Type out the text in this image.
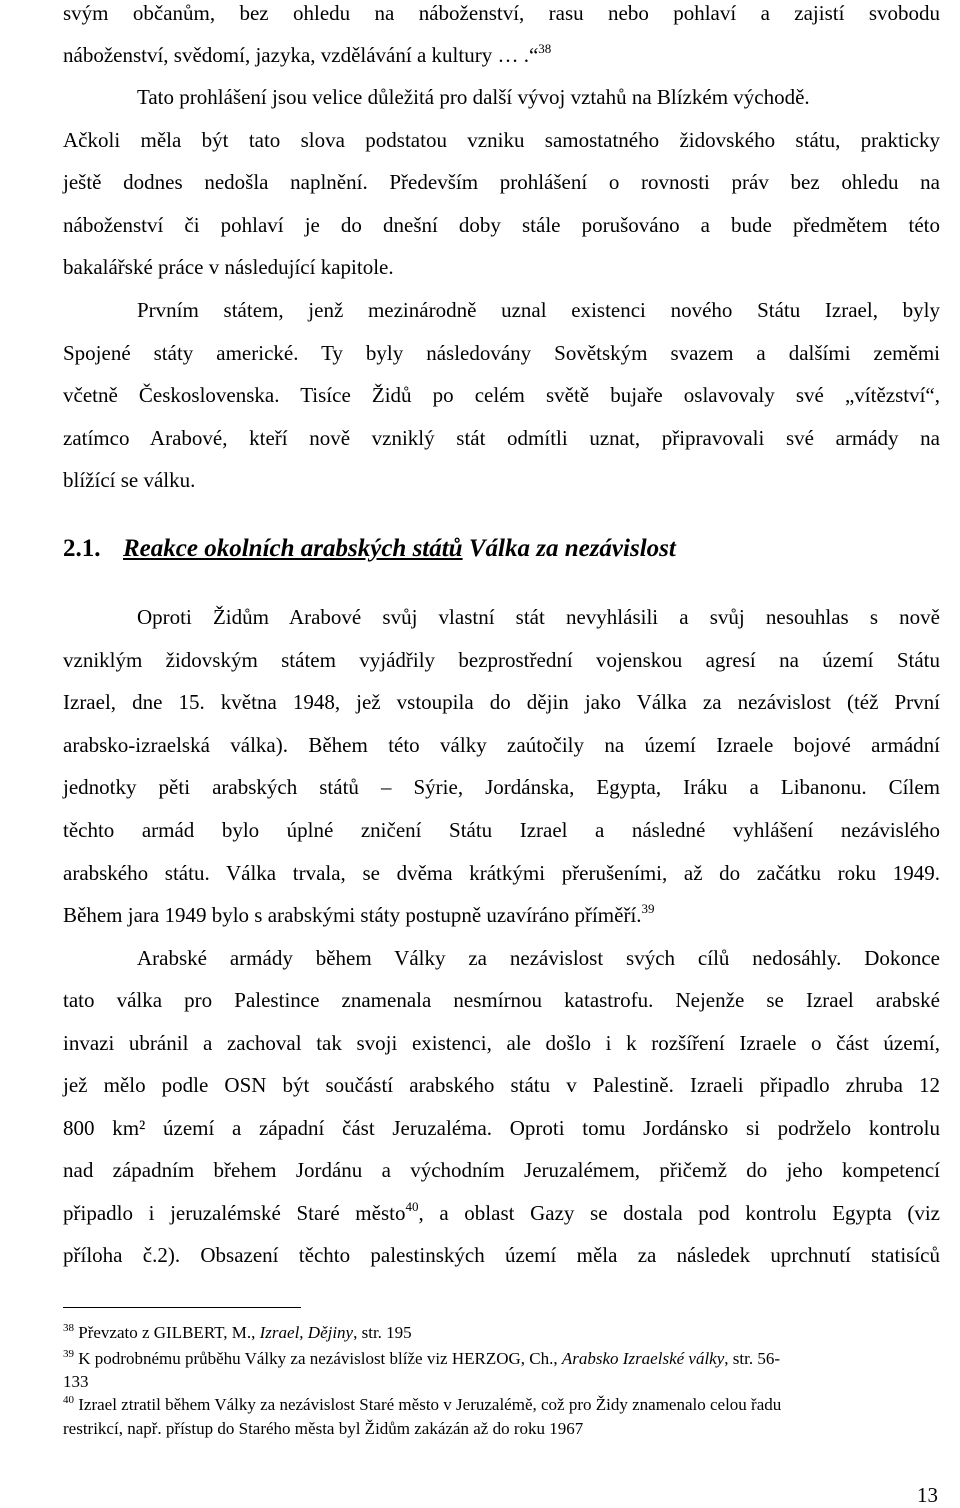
svým občanům, bez ohledu na náboženství, rasu nebo pohlaví a zajistí svobodu
náboženství, svědomí, jazyka, vzdělávání a kultury … .“$^{38}$
Tato prohlášení jsou velice důležitá pro další vývoj vztahů na Blízkém východě.
Ačkoli měla být tato slova podstatou vzniku samostatného židovského státu, prakticky
ještě dodnes nedošla naplnění. Především prohlášení o rovnosti práv bez ohledu na
náboženství či pohlaví je do dnešní doby stále porušováno a bude předmětem této
bakalářské práce v následující kapitole.
Prvním státem, jenž mezinárodně uznal existenci nového Státu Izrael, byly
Spojené státy americké. Ty byly následovány Sovětským svazem a dalšími zeměmi
včetně Československa. Tisíce Židů po celém světě bujaře oslavovaly své „vítězství“,
zatímco Arabové, kteří nově vzniklý stát odmítli uznat, připravovali své armády na
blížící se válku.
2.1. Reakce okolních arabských států Válka za nezávislost
Oproti Židům Arabové svůj vlastní stát nevyhlásili a svůj nesouhlas s nově
vzniklým židovským státem vyjádřily bezprostřední vojenskou agresí na území Státu
Izrael, dne 15. května 1948, jež vstoupila do dějin jako Válka za nezávislost (též První
arabsko-izraelská válka). Během této války zaútočily na území Izraele bojové armádní
jednotky pěti arabských států – Sýrie, Jordánska, Egypta, Iráku a Libanonu. Cílem
těchto armád bylo úplné zničení Státu Izrael a následné vyhlášení nezávislého
arabského státu. Válka trvala, se dvěma krátkými přerušeními, až do začátku roku 1949.
Během jara 1949 bylo s arabskými státy postupně uzavíráno příměří.$^{39}$
Arabské armády během Války za nezávislost svých cílů nedosáhly. Dokonce
tato válka pro Palestince znamenala nesmírnou katastrofu. Nejenže se Izrael arabské
invazi ubránil a zachoval tak svoji existenci, ale došlo i k rozšíření Izraele o část území,
jež mělo podle OSN být součástí arabského státu v Palestině. Izraeli připadlo zhruba 12
800 km² území a západní část Jeruzaléma. Oproti tomu Jordánsko si podrželo kontrolu
nad západním břehem Jordánu a východním Jeruzalémem, přičemž do jeho kompetencí
připadlo i jeruzalémské Staré město$^{40}$, a oblast Gazy se dostala pod kontrolu Egypta (viz
příloha č.2). Obsazení těchto palestinských území měla za následek uprchnutí statisíců
$^{38}$ Převzato z GILBERT, M., Izrael, Dějiny, str. 195
$^{39}$ K podrobnému průběhu Války za nezávislost blíže viz HERZOG, Ch., Arabsko Izraelské války, str. 56-
133
$^{40}$ Izrael ztratil během Války za nezávislost Staré město v Jeruzalémě, což pro Židy znamenalo celou řadu
restrikcí, např. přístup do Starého města byl Židům zakázán až do roku 1967
13
